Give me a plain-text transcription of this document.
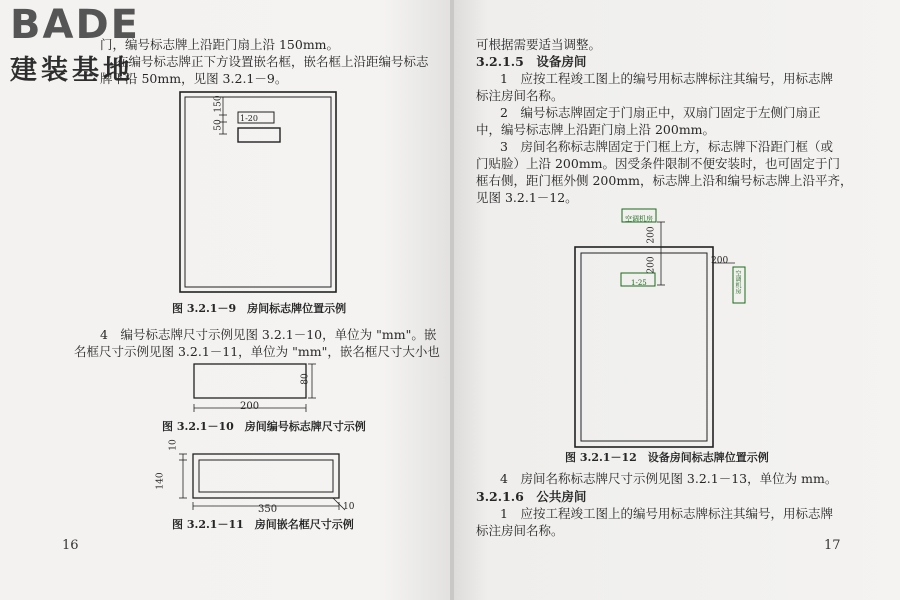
BADE
建装基地
门，编号标志牌上沿距门扇上沿 150mm。
在编号标志牌正下方设置嵌名框，嵌名框上沿距编号标志
牌下沿 50mm，见图 3.2.1－9。
1-20
150
50
图 3.2.1－9　房间标志牌位置示例
4　编号标志牌尺寸示例见图 3.2.1－10，单位为 "mm"。嵌
名框尺寸示例见图 3.2.1－11，单位为 "mm"，嵌名框尺寸大小也
80
200
图 3.2.1－10　房间编号标志牌尺寸示例
10
140
350	10
图 3.2.1－11　房间嵌名框尺寸示例
16
可根据需要适当调整。
3.2.1.5　设备房间
1　应按工程竣工图上的编号用标志牌标注其编号，用标志牌
标注房间名称。
2　编号标志牌固定于门扇正中，双扇门固定于左侧门扇正
中，编号标志牌上沿距门扇上沿 200mm。
3　房间名称标志牌固定于门框上方，标志牌下沿距门框（或
门贴脸）上沿 200mm。因受条件限制不便安装时，也可固定于门
框右侧，距门框外侧 200mm，标志牌上沿和编号标志牌上沿平齐，
见图 3.2.1－12。
空调机房
1-25	空调机房
200
200	200
图 3.2.1－12　设备房间标志牌位置示例
4　房间名称标志牌尺寸示例见图 3.2.1－13，单位为 mm。
3.2.1.6　公共房间
1　应按工程竣工图上的编号用标志牌标注其编号，用标志牌
标注房间名称。
17
